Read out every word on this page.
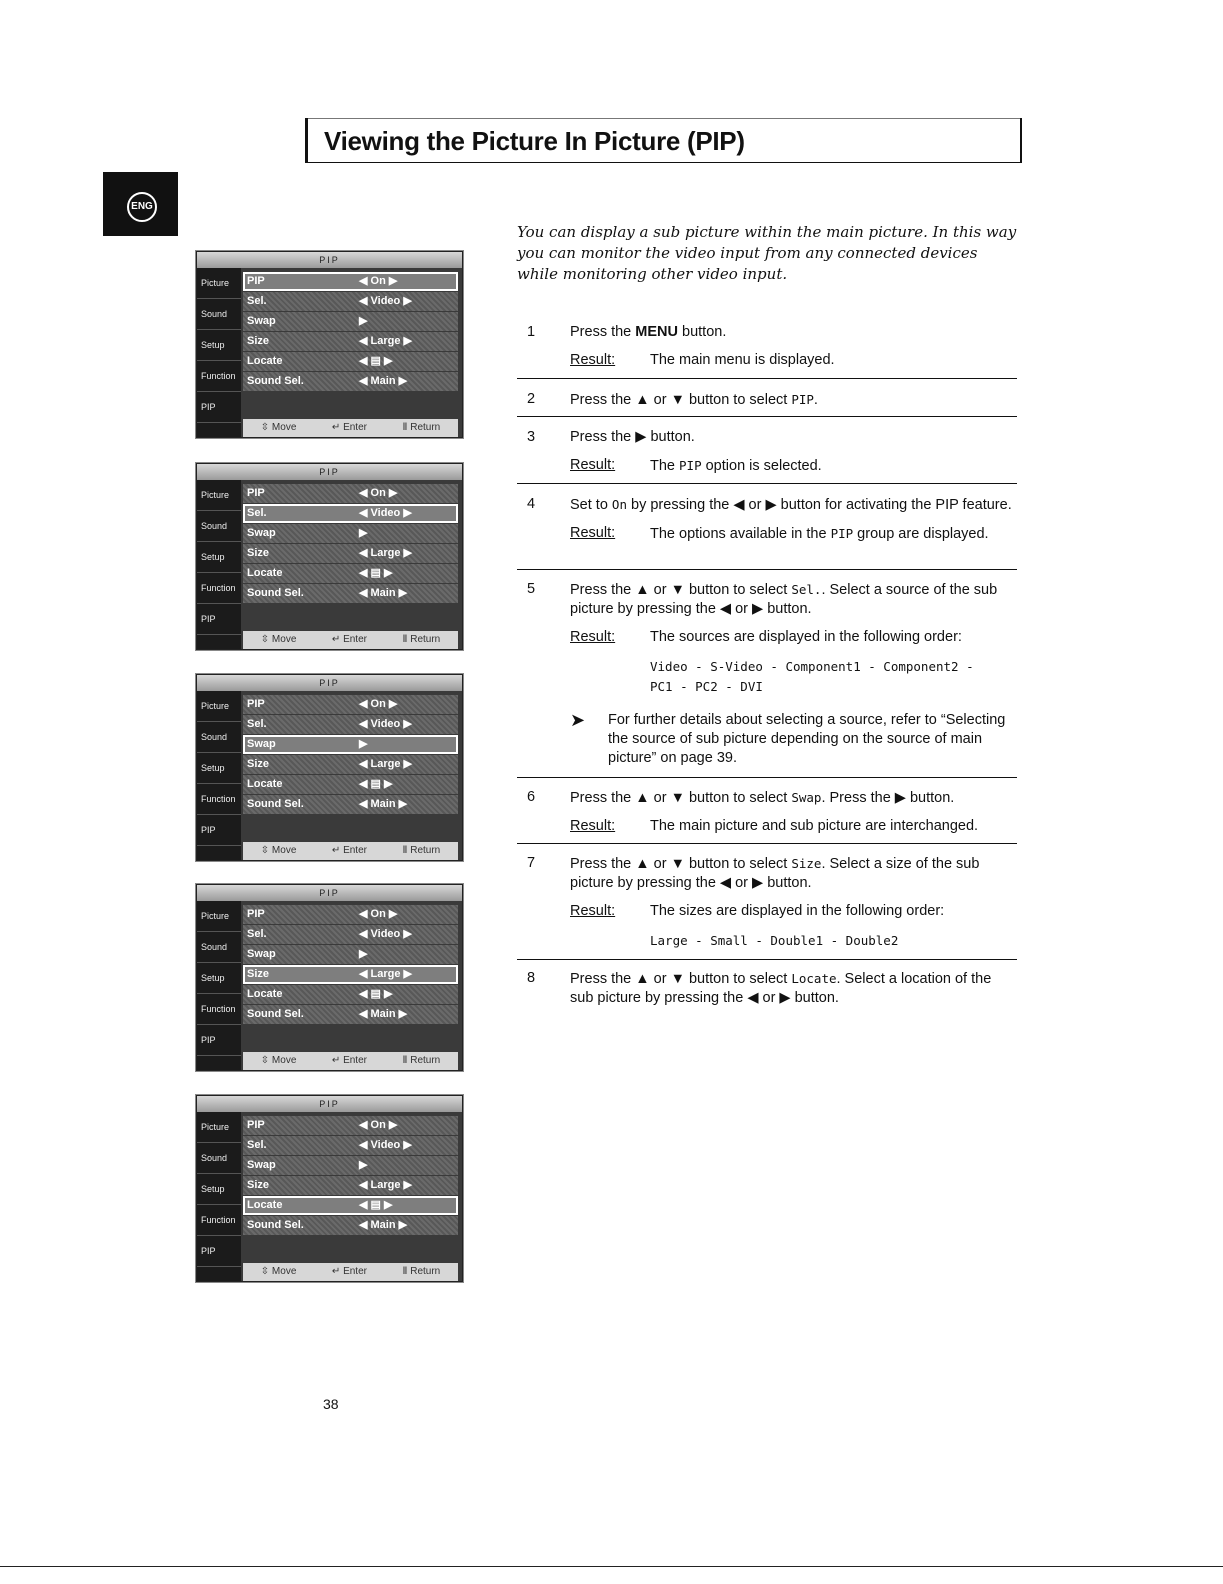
Viewing the Picture In Picture (PIP)
ENG
You can display a sub picture within the main picture. In this way you can monitor the video input from any connected devices while monitoring other video input.
PIP
Picture
Sound
Setup
Function
PIP
PIP	◀ On ▶
Sel.	◀ Video ▶
Swap	▶
Size	◀ Large ▶
Locate	◀ ▤ ▶
Sound Sel.	◀ Main ▶
⇳ Move	↵ Enter	Ⅱ Return
PIP
Picture
Sound
Setup
Function
PIP
PIP	◀ On ▶
Sel.	◀ Video ▶
Swap	▶
Size	◀ Large ▶
Locate	◀ ▤ ▶
Sound Sel.	◀ Main ▶
⇳ Move	↵ Enter	Ⅱ Return
PIP
Picture
Sound
Setup
Function
PIP
PIP	◀ On ▶
Sel.	◀ Video ▶
Swap	▶
Size	◀ Large ▶
Locate	◀ ▤ ▶
Sound Sel.	◀ Main ▶
⇳ Move	↵ Enter	Ⅱ Return
PIP
Picture
Sound
Setup
Function
PIP
PIP	◀ On ▶
Sel.	◀ Video ▶
Swap	▶
Size	◀ Large ▶
Locate	◀ ▤ ▶
Sound Sel.	◀ Main ▶
⇳ Move	↵ Enter	Ⅱ Return
PIP
Picture
Sound
Setup
Function
PIP
PIP	◀ On ▶
Sel.	◀ Video ▶
Swap	▶
Size	◀ Large ▶
Locate	◀ ▤ ▶
Sound Sel.	◀ Main ▶
⇳ Move	↵ Enter	Ⅱ Return
1 Press the MENU button.
Result:	The main menu is displayed.
2 Press the ▲ or ▼ button to select PIP.
3 Press the ▶ button.
Result:	The PIP option is selected.
4 Set to On by pressing the ◀ or ▶ button for activating the PIP feature.
Result:	The options available in the PIP group are displayed.
5 Press the ▲ or ▼ button to select Sel.. Select a source of the sub picture by pressing the ◀ or ▶ button.
Result:	The sources are displayed in the following order:
Video - S-Video - Component1 - Component2 -
PC1 - PC2 - DVI
➤	For further details about selecting a source, refer to “Selecting the source of sub picture depending on the source of main picture” on page 39.
6 Press the ▲ or ▼ button to select Swap. Press the ▶ button.
Result:	The main picture and sub picture are interchanged.
7 Press the ▲ or ▼ button to select Size. Select a size of the sub picture by pressing the ◀ or ▶ button.
Result:	The sizes are displayed in the following order:
Large - Small - Double1 - Double2
8 Press the ▲ or ▼ button to select Locate. Select a location of the sub picture by pressing the ◀ or ▶ button.
38
